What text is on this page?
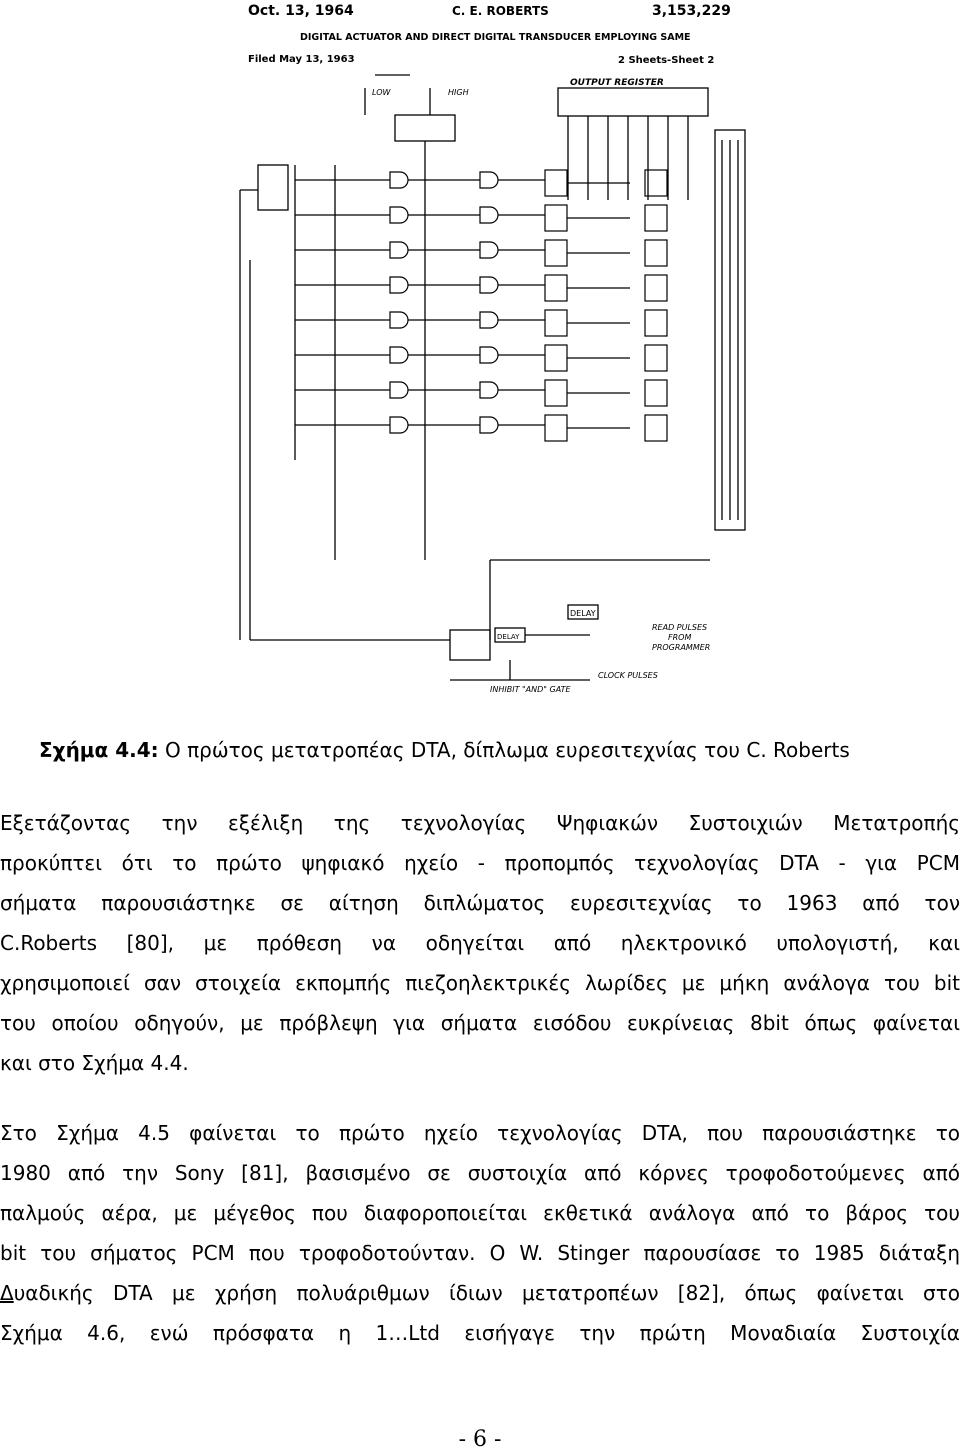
Oct. 13, 1964	C. E. ROBERTS	3,153,229
DIGITAL ACTUATOR AND DIRECT DIGITAL TRANSDUCER EMPLOYING SAME
Filed May 13, 1963	2 Sheets-Sheet 2
OUTPUT REGISTER
LOW	HIGH
DELAY
DELAY
READ PULSES
FROM
PROGRAMMER
CLOCK PULSES
INHIBIT "AND" GATE
Σχήμα 4.4: Ο πρώτος μετατροπέας DTA, δίπλωμα ευρεσιτεχνίας του C. Roberts
Εξετάζοντας την εξέλιξη της τεχνολογίας Ψηφιακών Συστοιχιών Μετατροπής
προκύπτει ότι το πρώτο ψηφιακό ηχείο - προπομπός τεχνολογίας DTA - για PCM
σήματα παρουσιάστηκε σε αίτηση διπλώματος ευρεσιτεχνίας το 1963 από τον
C.Roberts [80], με πρόθεση να οδηγείται από ηλεκτρονικό υπολογιστή, και
χρησιμοποιεί σαν στοιχεία εκπομπής πιεζοηλεκτρικές λωρίδες με μήκη ανάλογα του bit
του οποίου οδηγούν, με πρόβλεψη για σήματα εισόδου ευκρίνειας 8bit όπως φαίνεται
και στο Σχήμα 4.4.
Στο Σχήμα 4.5 φαίνεται το πρώτο ηχείο τεχνολογίας DTA, που παρουσιάστηκε το
1980 από την Sony [81], βασισμένο σε συστοιχία από κόρνες τροφοδοτούμενες από
παλμούς αέρα, με μέγεθος που διαφοροποιείται εκθετικά ανάλογα από το βάρος του
bit του σήματος PCM που τροφοδοτούνταν. Ο W. Stinger παρουσίασε το 1985 διάταξη
Δυαδικής DTA με χρήση πολυάριθμων ίδιων μετατροπέων [82], όπως φαίνεται στο
Σχήμα 4.6, ενώ πρόσφατα η 1…Ltd εισήγαγε την πρώτη Μοναδιαία Συστοιχία
- 6 -
